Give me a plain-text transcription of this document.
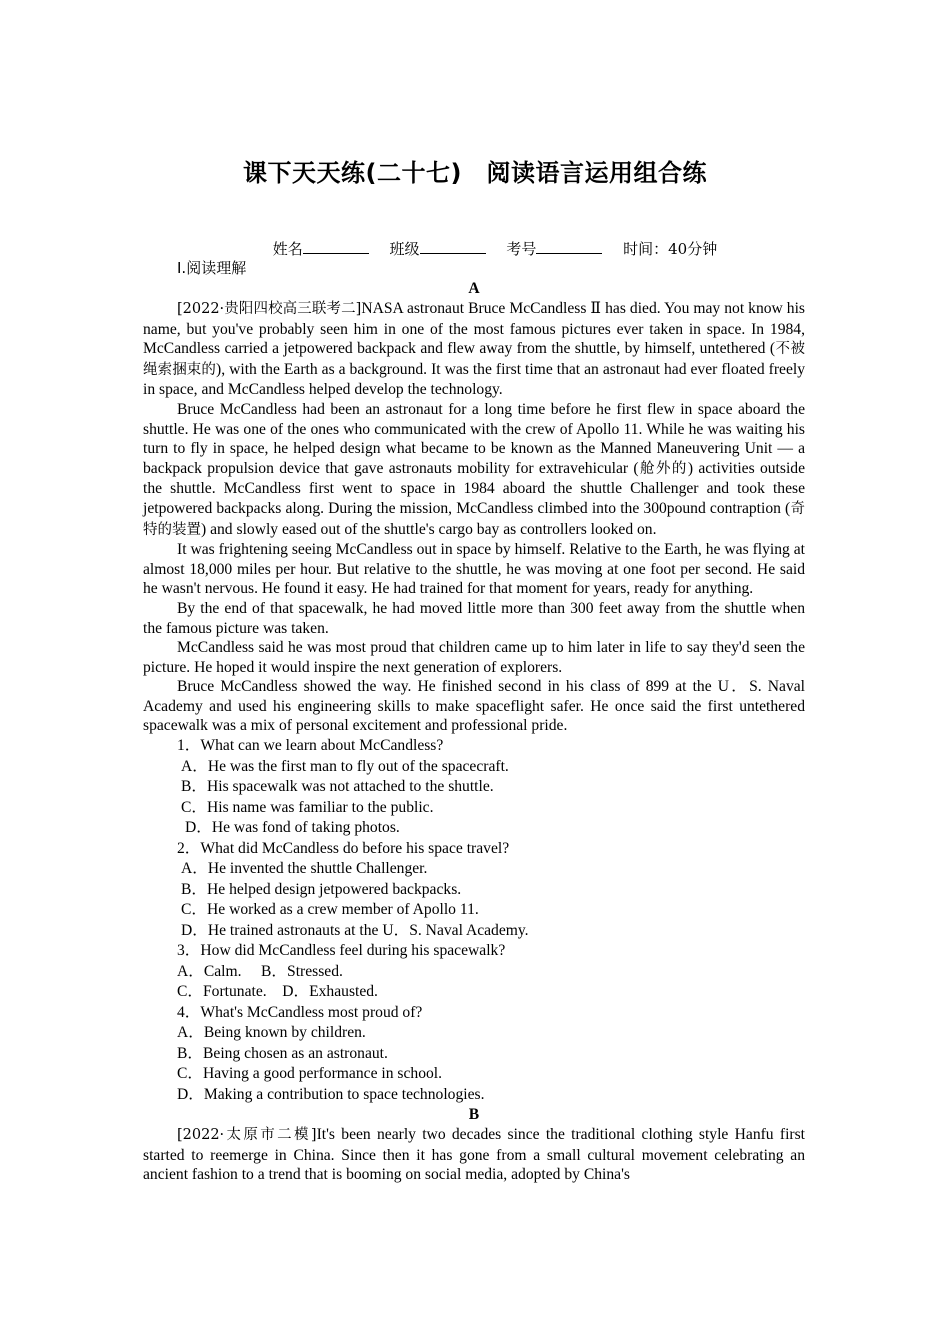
课下天天练(二十七)　阅读语言运用组合练
姓名	班级	考号	时间：40分钟
Ⅰ.阅读理解
A

[2022·贵阳四校高三联考二]NASA astronaut Bruce McCandless Ⅱ has died. You may not know his name, but you've probably seen him in one of the most famous pictures ever taken in space. In 1984, McCandless carried a jetpowered backpack and flew away from the shuttle, by himself, untethered (不被绳索捆束的), with the Earth as a background. It was the first time that an astronaut had ever floated freely in space, and McCandless helped develop the technology.

Bruce McCandless had been an astronaut for a long time before he first flew in space aboard the shuttle. He was one of the ones who communicated with the crew of Apollo 11. While he was waiting his turn to fly in space, he helped design what became to be known as the Manned Maneuvering Unit — a backpack propulsion device that gave astronauts mobility for extravehicular (舱外的) activities outside the shuttle. McCandless first went to space in 1984 aboard the shuttle Challenger and took these jetpowered backpacks along. During the mission, McCandless climbed into the 300pound contraption (奇特的装置) and slowly eased out of the shuttle's cargo bay as controllers looked on.

It was frightening seeing McCandless out in space by himself. Relative to the Earth, he was flying at almost 18,000 miles per hour. But relative to the shuttle, he was moving at one foot per second. He said he wasn't nervous. He found it easy. He had trained for that moment for years, ready for anything.

By the end of that spacewalk, he had moved little more than 300 feet away from the shuttle when the famous picture was taken.

McCandless said he was most proud that children came up to him later in life to say they'd seen the picture. He hoped it would inspire the next generation of explorers.

Bruce McCandless showed the way. He finished second in his class of 899 at the U．S. Naval Academy and used his engineering skills to make spaceflight safer. He once said the first untethered spacewalk was a mix of personal excitement and professional pride.

1．What can we learn about McCandless?

A．He was the first man to fly out of the spacecraft.

B．His spacewalk was not attached to the shuttle.

C．His name was familiar to the public.

D．He was fond of taking photos.

2．What did McCandless do before his space travel?

A．He invented the shuttle Challenger.

B．He helped design jetpowered backpacks.

C．He worked as a crew member of Apollo 11.

D．He trained astronauts at the U．S. Naval Academy.

3．How did McCandless feel during his spacewalk?

A．Calm.　 B．Stressed.

C．Fortunate.　D．Exhausted.

4．What's McCandless most proud of?

A．Being known by children.

B．Being chosen as an astronaut.

C．Having a good performance in school.

D．Making a contribution to space technologies.

B

[2022·太原市二模]It's been nearly two decades since the traditional clothing style Hanfu first started to reemerge in China. Since then it has gone from a small cultural movement celebrating an ancient fashion to a trend that is booming on social media, adopted by China's
